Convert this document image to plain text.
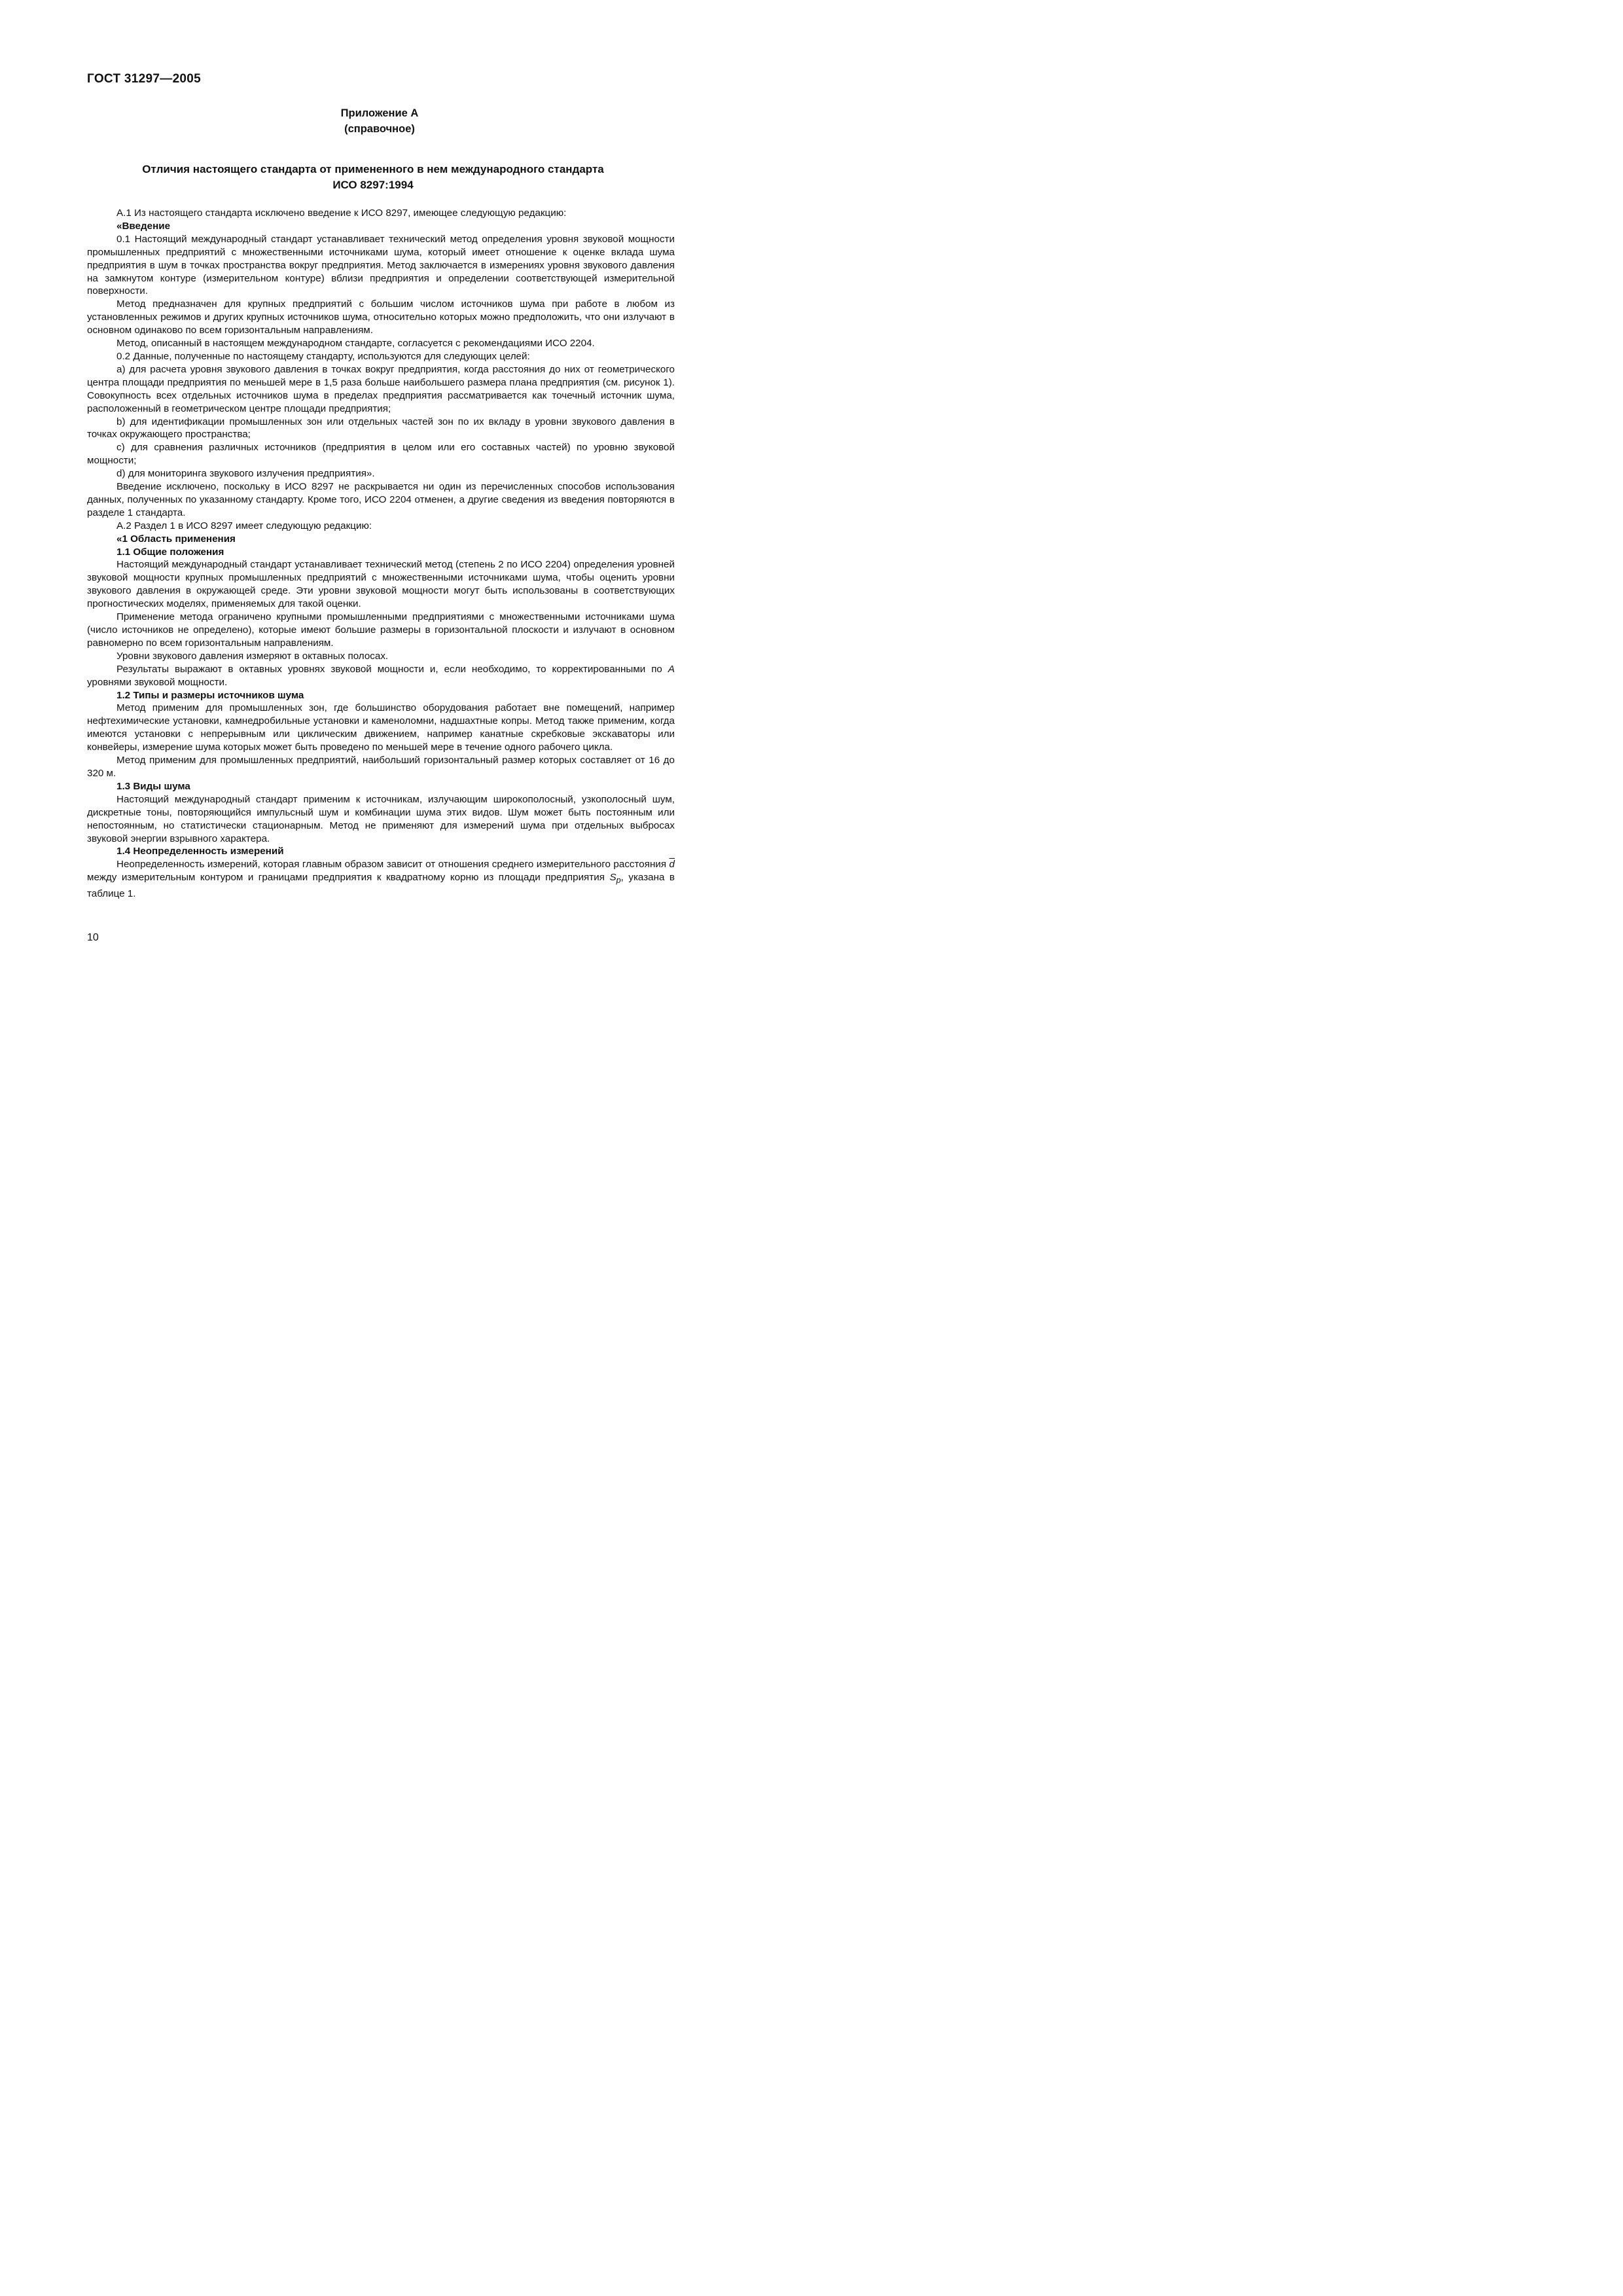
ГОСТ 31297—2005
Приложение А
(справочное)
Отличия настоящего стандарта от примененного в нем международного стандарта
ИСО 8297:1994

А.1 Из настоящего стандарта исключено введение к ИСО 8297, имеющее следующую редакцию:

«Введение

0.1 Настоящий международный стандарт устанавливает технический метод определения уровня звуковой мощности промышленных предприятий с множественными источниками шума, который имеет отношение к оценке вклада шума предприятия в шум в точках пространства вокруг предприятия. Метод заключается в измерениях уровня звукового давления на замкнутом контуре (измерительном контуре) вблизи предприятия и определении соответствующей измерительной поверхности.

Метод предназначен для крупных предприятий с большим числом источников шума при работе в любом из установленных режимов и других крупных источников шума, относительно которых можно предположить, что они излучают в основном одинаково по всем горизонтальным направлениям.

Метод, описанный в настоящем международном стандарте, согласуется с рекомендациями ИСО 2204.

0.2 Данные, полученные по настоящему стандарту, используются для следующих целей:

a) для расчета уровня звукового давления в точках вокруг предприятия, когда расстояния до них от геометрического центра площади предприятия по меньшей мере в 1,5 раза больше наибольшего размера плана предприятия (см. рисунок 1). Совокупность всех отдельных источников шума в пределах предприятия рассматривается как точечный источник шума, расположенный в геометрическом центре площади предприятия;

b) для идентификации промышленных зон или отдельных частей зон по их вкладу в уровни звукового давления в точках окружающего пространства;

c) для сравнения различных источников (предприятия в целом или его составных частей) по уровню звуковой мощности;

d) для мониторинга звукового излучения предприятия».

Введение исключено, поскольку в ИСО 8297 не раскрывается ни один из перечисленных способов использования данных, полученных по указанному стандарту. Кроме того, ИСО 2204 отменен, а другие сведения из введения повторяются в разделе 1 стандарта.

А.2 Раздел 1 в ИСО 8297 имеет следующую редакцию:

«1 Область применения

1.1 Общие положения

Настоящий международный стандарт устанавливает технический метод (степень 2 по ИСО 2204) определения уровней звуковой мощности крупных промышленных предприятий с множественными источниками шума, чтобы оценить уровни звукового давления в окружающей среде. Эти уровни звуковой мощности могут быть использованы в соответствующих прогностических моделях, применяемых для такой оценки.

Применение метода ограничено крупными промышленными предприятиями с множественными источниками шума (число источников не определено), которые имеют большие размеры в горизонтальной плоскости и излучают в основном равномерно по всем горизонтальным направлениям.

Уровни звукового давления измеряют в октавных полосах.

Результаты выражают в октавных уровнях звуковой мощности и, если необходимо, то корректированными по A уровнями звуковой мощности.

1.2 Типы и размеры источников шума

Метод применим для промышленных зон, где большинство оборудования работает вне помещений, например нефтехимические установки, камнедробильные установки и каменоломни, надшахтные копры. Метод также применим, когда имеются установки с непрерывным или циклическим движением, например канатные скребковые экскаваторы или конвейеры, измерение шума которых может быть проведено по меньшей мере в течение одного рабочего цикла.

Метод применим для промышленных предприятий, наибольший горизонтальный размер которых составляет от 16 до 320 м.

1.3 Виды шума

Настоящий международный стандарт применим к источникам, излучающим широкополосный, узкополосный шум, дискретные тоны, повторяющийся импульсный шум и комбинации шума этих видов. Шум может быть постоянным или непостоянным, но статистически стационарным. Метод не применяют для измерений шума при отдельных выбросах звуковой энергии взрывного характера.

1.4 Неопределенность измерений

Неопределенность измерений, которая главным образом зависит от отношения среднего измерительного расстояния $\overline{d}$ между измерительным контуром и границами предприятия к квадратному корню из площади предприятия $S_p$, указана в таблице 1.

10
